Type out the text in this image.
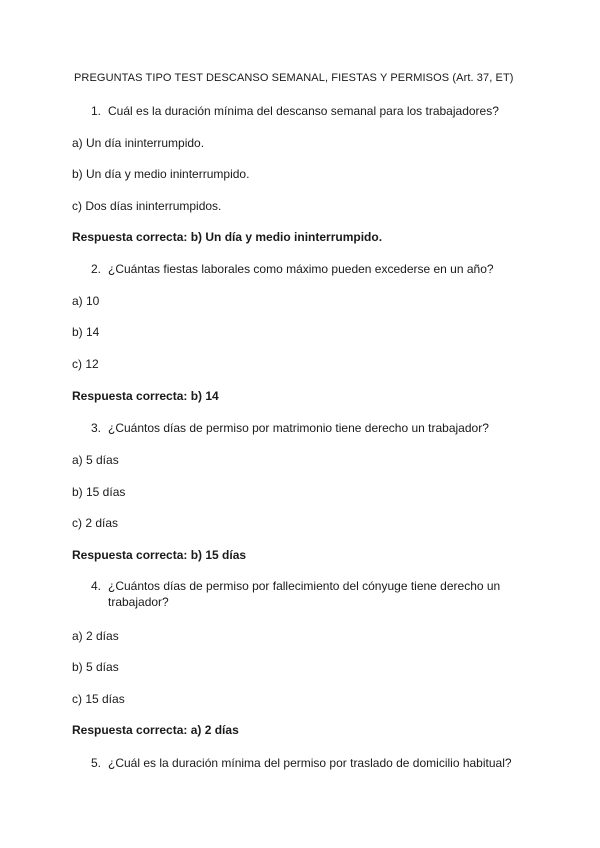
PREGUNTAS TIPO TEST DESCANSO SEMANAL, FIESTAS Y PERMISOS (Art. 37, ET)
1. Cuál es la duración mínima del descanso semanal para los trabajadores?
a) Un día ininterrumpido.
b) Un día y medio ininterrumpido.
c) Dos días ininterrumpidos.
Respuesta correcta: b) Un día y medio ininterrumpido.
2. ¿Cuántas fiestas laborales como máximo pueden excederse en un año?
a) 10
b) 14
c) 12
Respuesta correcta: b) 14
3. ¿Cuántos días de permiso por matrimonio tiene derecho un trabajador?
a) 5 días
b) 15 días
c) 2 días
Respuesta correcta: b) 15 días
4. ¿Cuántos días de permiso por fallecimiento del cónyuge tiene derecho un trabajador?
a) 2 días
b) 5 días
c) 15 días
Respuesta correcta: a) 2 días
5. ¿Cuál es la duración mínima del permiso por traslado de domicilio habitual?
